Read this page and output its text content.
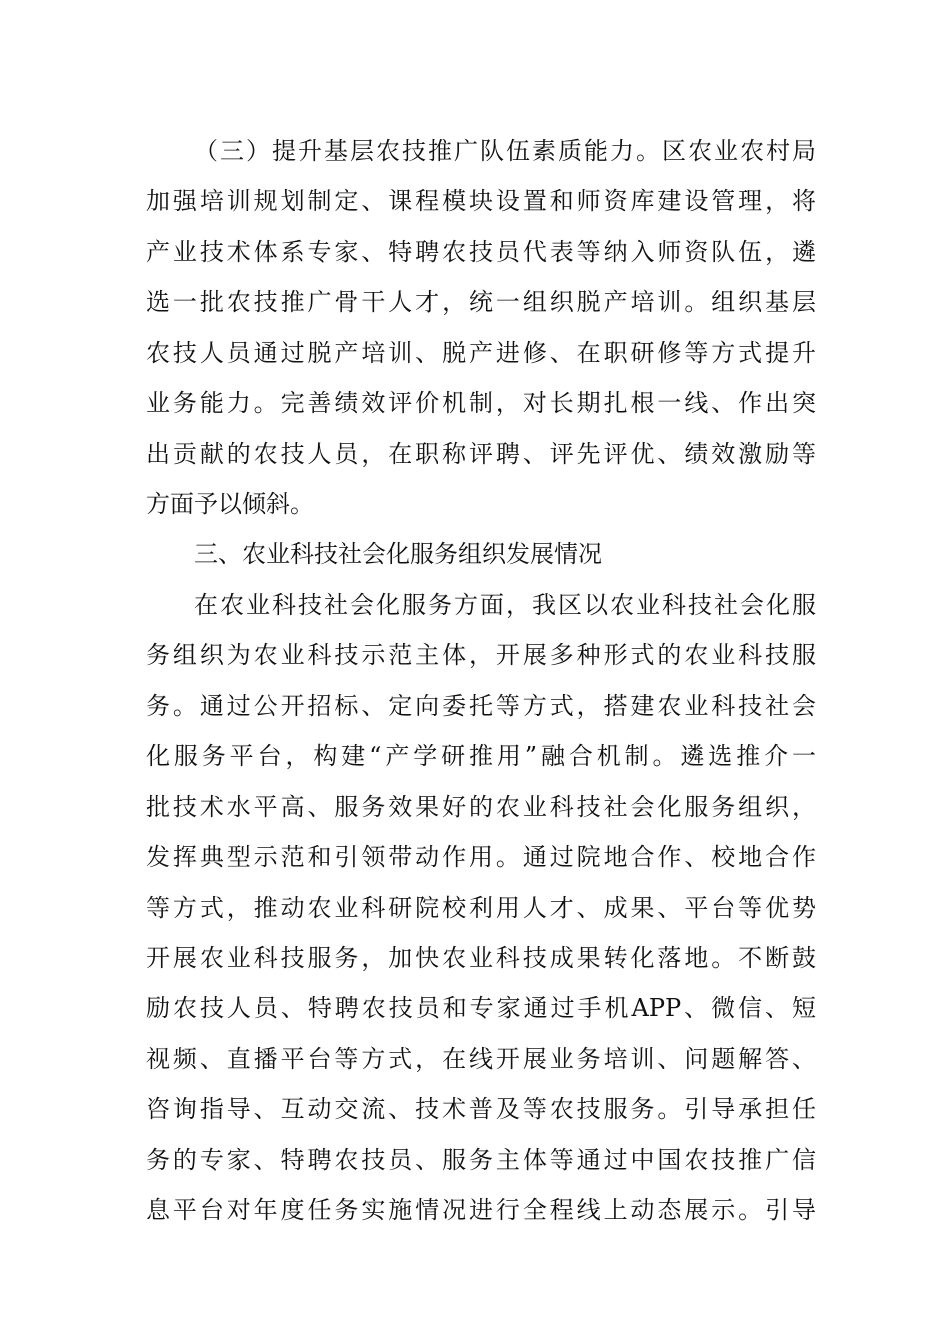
（三）提升基层农技推广队伍素质能力。区农业农村局
加强培训规划制定、课程模块设置和师资库建设管理，将
产业技术体系专家、特聘农技员代表等纳入师资队伍，遴
选一批农技推广骨干人才，统一组织脱产培训。组织基层
农技人员通过脱产培训、脱产进修、在职研修等方式提升
业务能力。完善绩效评价机制，对长期扎根一线、作出突
出贡献的农技人员，在职称评聘、评先评优、绩效激励等
方面予以倾斜。
三、农业科技社会化服务组织发展情况
在农业科技社会化服务方面，我区以农业科技社会化服
务组织为农业科技示范主体，开展多种形式的农业科技服
务。通过公开招标、定向委托等方式，搭建农业科技社会
化服务平台，构建“产学研推用”融合机制。遴选推介一
批技术水平高、服务效果好的农业科技社会化服务组织，
发挥典型示范和引领带动作用。通过院地合作、校地合作
等方式，推动农业科研院校利用人才、成果、平台等优势
开展农业科技服务，加快农业科技成果转化落地。不断鼓
励农技人员、特聘农技员和专家通过手机APP、微信、短
视频、直播平台等方式，在线开展业务培训、问题解答、
咨询指导、互动交流、技术普及等农技服务。引导承担任
务的专家、特聘农技员、服务主体等通过中国农技推广信
息平台对年度任务实施情况进行全程线上动态展示。引导
